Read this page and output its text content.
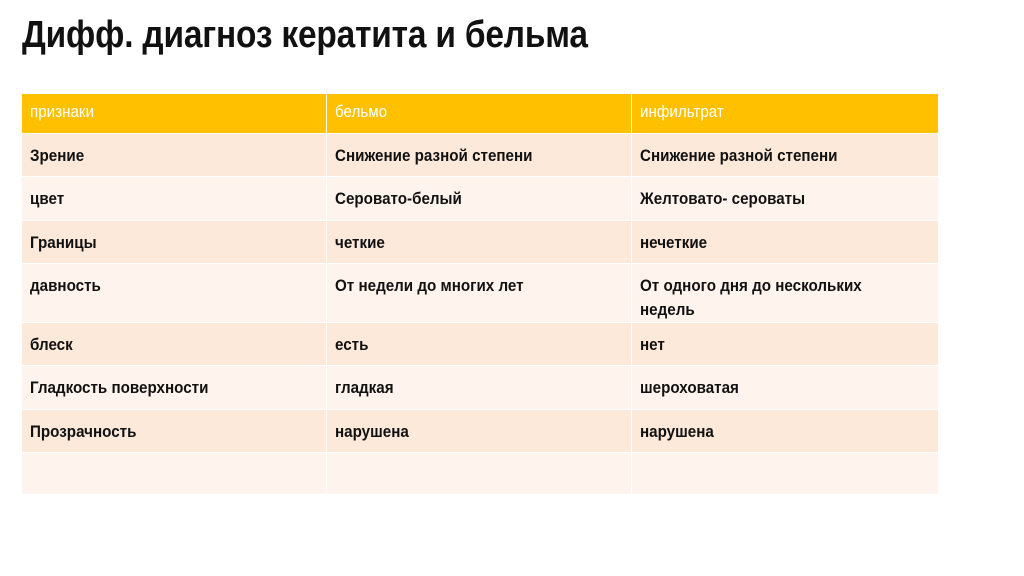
Дифф. диагноз кератита и бельма
признаки	бельмо	инфильтрат
Зрение	Снижение разной степени	Снижение разной степени
цвет	Серовато-белый	Желтовато- сероваты
Границы	четкие	нечеткие
давность	От недели до многих лет	От одного дня до нескольких недель
блеск	есть	нет
Гладкость поверхности	гладкая	шероховатая
Прозрачность	нарушена	нарушена
